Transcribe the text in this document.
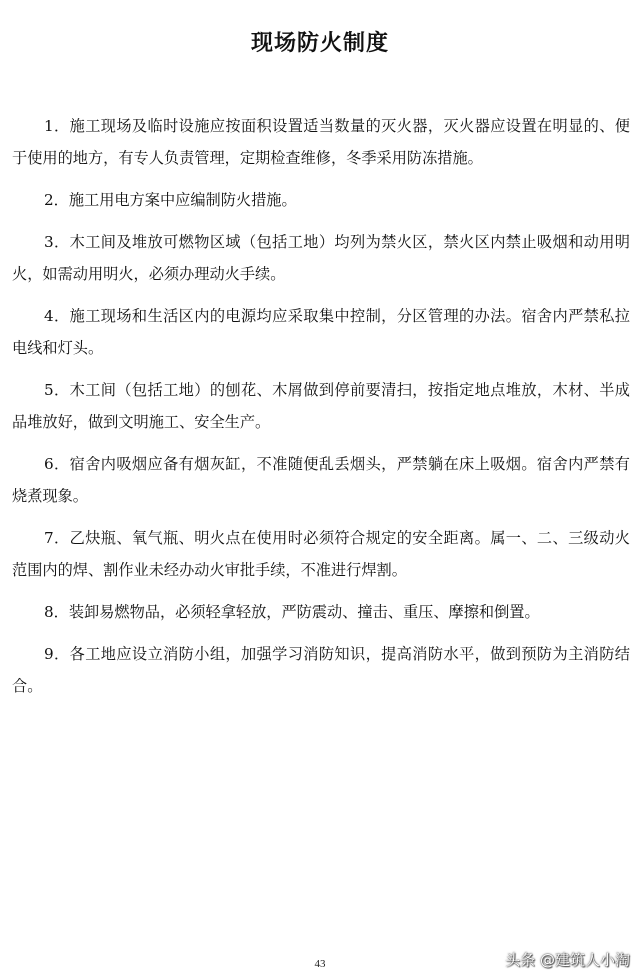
现场防火制度

1．施工现场及临时设施应按面积设置适当数量的灭火器，灭火器应设置在明显的、便于使用的地方，有专人负责管理，定期检查维修，冬季采用防冻措施。

2．施工用电方案中应编制防火措施。

3．木工间及堆放可燃物区域（包括工地）均列为禁火区，禁火区内禁止吸烟和动用明火，如需动用明火，必须办理动火手续。

4．施工现场和生活区内的电源均应采取集中控制，分区管理的办法。宿舍内严禁私拉电线和灯头。

5．木工间（包括工地）的刨花、木屑做到停前要清扫，按指定地点堆放，木材、半成品堆放好，做到文明施工、安全生产。

6．宿舍内吸烟应备有烟灰缸，不准随便乱丢烟头，严禁躺在床上吸烟。宿舍内严禁有烧煮现象。

7．乙炔瓶、氧气瓶、明火点在使用时必须符合规定的安全距离。属一、二、三级动火范围内的焊、割作业未经办动火审批手续，不准进行焊割。

8．装卸易燃物品，必须轻拿轻放，严防震动、撞击、重压、摩擦和倒置。

9．各工地应设立消防小组，加强学习消防知识，提高消防水平，做到预防为主消防结合。

43	头条 @建筑人小淘
